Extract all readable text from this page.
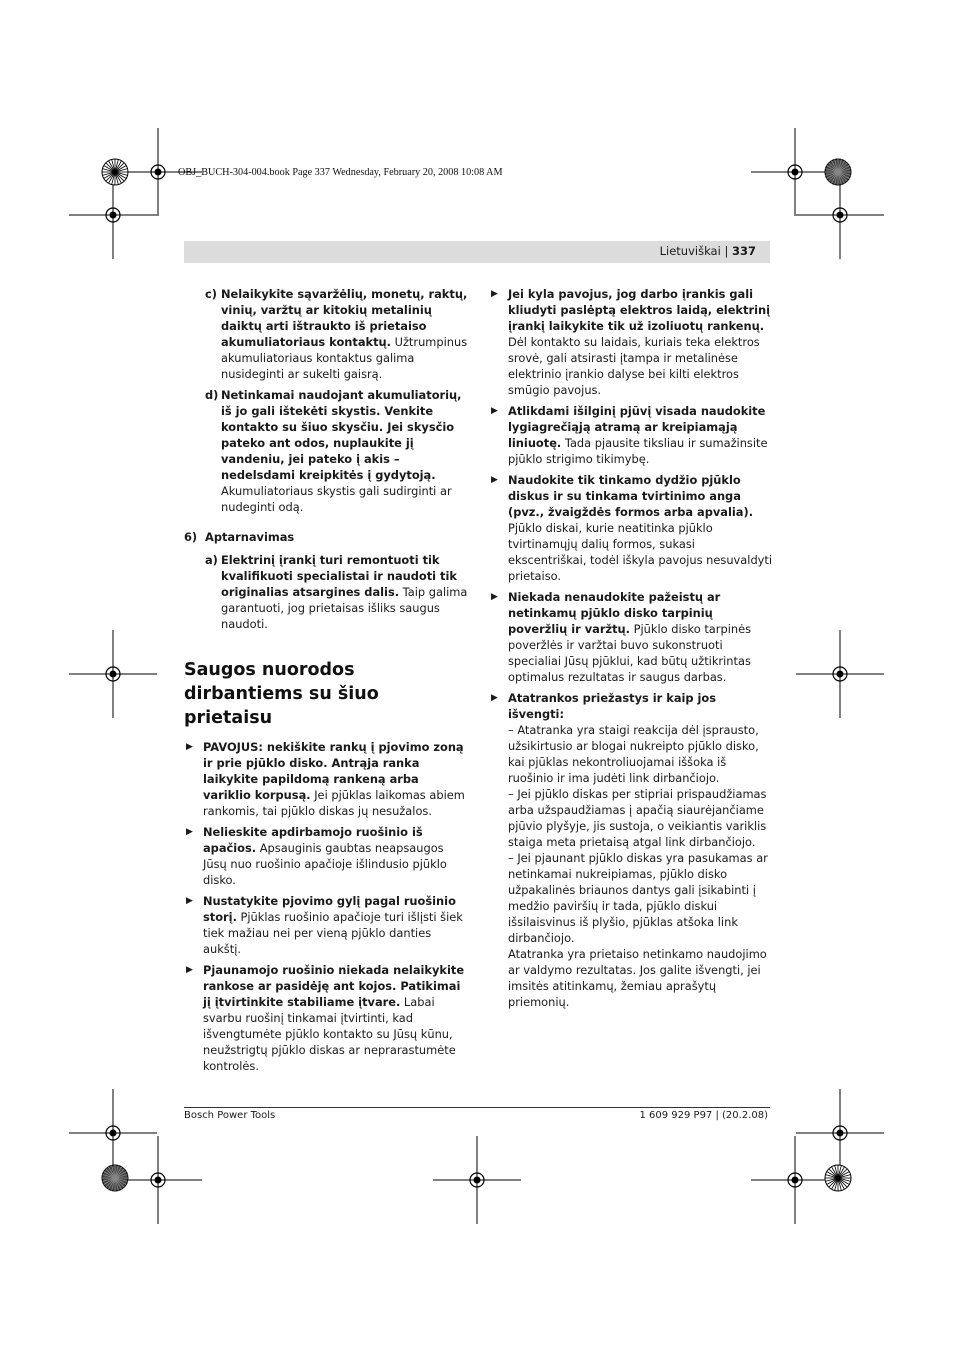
OBJ_BUCH-304-004.book Page 337 Wednesday, February 20, 2008 10:08 AM
Lietuviškai | 337
c) Nelaikykite sąvaržėlių, monetų, raktų, vinių, varžtų ar kitokių metalinių daiktų arti ištraukto iš prietaiso akumuliatoriaus kontaktų. Užtrumpinus akumuliatoriaus kontaktus galima nusideginti ar sukelti gaisrą.
d) Netinkamai naudojant akumuliatorių, iš jo gali ištekėti skystis. Venkite kontakto su šiuo skysčiu. Jei skysčio pateko ant odos, nuplaukite jį vandeniu, jei pateko į akis – nedelsdami kreipkitės į gydytoją. Akumuliatoriaus skystis gali sudirginti ar nudeginti odą.
6) Aptarnavimas
a) Elektrinį įrankį turi remontuoti tik kvalifikuoti specialistai ir naudoti tik originalias atsargines dalis. Taip galima garantuoti, jog prietaisas išliks saugus naudoti.
Saugos nuorodos dirbantiems su šiuo prietaisu
▶ PAVOJUS: nekiškite rankų į pjovimo zoną ir prie pjūklo disko. Antrąja ranka laikykite papildomą rankeną arba variklio korpusą. Jei pjūklas laikomas abiem rankomis, tai pjūklo diskas jų nesužalos.
▶ Nelieskite apdirbamojo ruošinio iš apačios. Apsauginis gaubtas neapsaugos Jūsų nuo ruošinio apačioje išlindusio pjūklo disko.
▶ Nustatykite pjovimo gylį pagal ruošinio storį. Pjūklas ruošinio apačioje turi išlįsti šiek tiek mažiau nei per vieną pjūklo danties aukštį.
▶ Pjaunamojo ruošinio niekada nelaikykite rankose ar pasidėję ant kojos. Patikimai jį įtvirtinkite stabiliame įtvare. Labai svarbu ruošinį tinkamai įtvirtinti, kad išvengtumėte pjūklo kontakto su Jūsų kūnu, neužstrigtų pjūklo diskas ar neprarastumėte kontrolės.
▶ Jei kyla pavojus, jog darbo įrankis gali kliudyti paslėptą elektros laidą, elektrinį įrankį laikykite tik už izoliuotų rankenų. Dėl kontakto su laidais, kuriais teka elektros srovė, gali atsirasti įtampa ir metalinėse elektrinio įrankio dalyse bei kilti elektros smūgio pavojus.
▶ Atlikdami išilginį pjūvį visada naudokite lygiagrečiąją atramą ar kreipiamąją liniuotę. Tada pjausite tiksliau ir sumažinsite pjūklo strigimo tikimybę.
▶ Naudokite tik tinkamo dydžio pjūklo diskus ir su tinkama tvirtinimo anga (pvz., žvaigždės formos arba apvalia). Pjūklo diskai, kurie neatitinka pjūklo tvirtinamųjų dalių formos, sukasi ekscentriškai, todėl iškyla pavojus nesuvaldyti prietaiso.
▶ Niekada nenaudokite pažeistų ar netinkamų pjūklo disko tarpinių poveržlių ir varžtų. Pjūklo disko tarpinės poveržlės ir varžtai buvo sukonstruoti specialiai Jūsų pjūklui, kad būtų užtikrintas optimalus rezultatas ir saugus darbas.
▶ Atatrankos priežastys ir kaip jos išvengti:
– Atatranka yra staigi reakcija dėl įsprausto, užsikirtusio ar blogai nukreipto pjūklo disko, kai pjūklas nekontroliuojamai iššoka iš ruošinio ir ima judėti link dirbančiojo.
– Jei pjūklo diskas per stipriai prispaudžiamas arba užspaudžiamas į apačią siaurėjančiame pjūvio plyšyje, jis sustoja, o veikiantis variklis staiga meta prietaisą atgal link dirbančiojo.
– Jei pjaunant pjūklo diskas yra pasukamas ar netinkamai nukreipiamas, pjūklo disko užpakalinės briaunos dantys gali įsikabinti į medžio paviršių ir tada, pjūklo diskui išsilaisvinus iš plyšio, pjūklas atšoka link dirbančiojo.
Atatranka yra prietaiso netinkamo naudojimo ar valdymo rezultatas. Jos galite išvengti, jei imsitės atitinkamų, žemiau aprašytų priemonių.
Bosch Power Tools	1 609 929 P97 | (20.2.08)
